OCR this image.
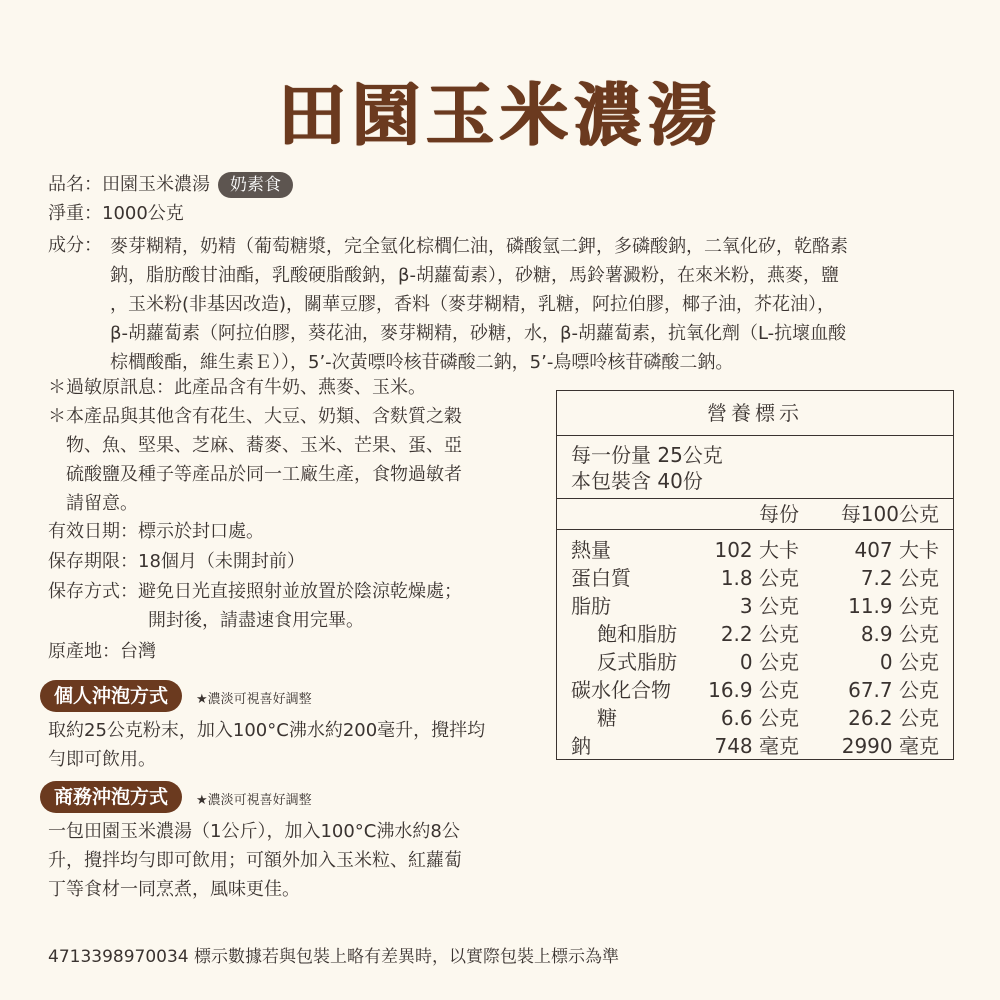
田園玉米濃湯
品名：田園玉米濃湯 奶素食
淨重：1000公克
成分： 麥芽糊精，奶精（葡萄糖漿，完全氫化棕櫚仁油，磷酸氫二鉀，多磷酸鈉，二氧化矽，乾酪素
鈉，脂肪酸甘油酯，乳酸硬脂酸鈉，β-胡蘿蔔素），砂糖，馬鈴薯澱粉，在來米粉，燕麥，鹽
，玉米粉(非基因改造)，關華豆膠，香料（麥芽糊精，乳糖，阿拉伯膠，椰子油，芥花油），
β-胡蘿蔔素（阿拉伯膠，葵花油，麥芽糊精，砂糖，水，β-胡蘿蔔素，抗氧化劑（L-抗壞血酸
棕櫚酸酯，維生素Ｅ）），5’-次黃嘌呤核苷磷酸二鈉，5’-鳥嘌呤核苷磷酸二鈉。
＊過敏原訊息：此產品含有牛奶、燕麥、玉米。
＊本產品與其他含有花生、大豆、奶類、含麩質之穀
　物、魚、堅果、芝麻、蕎麥、玉米、芒果、蛋、亞
　硫酸鹽及種子等產品於同一工廠生產，食物過敏者
　請留意。
有效日期：標示於封口處。
保存期限：18個月（未開封前）
保存方式：避免日光直接照射並放置於陰涼乾燥處；
開封後，請盡速食用完畢。
原產地：台灣
個人沖泡方式	★濃淡可視喜好調整
取約25公克粉末，加入100°C沸水約200毫升，攪拌均
勻即可飲用。
商務沖泡方式	★濃淡可視喜好調整
一包田園玉米濃湯（1公斤），加入100°C沸水約8公
升，攪拌均勻即可飲用；可額外加入玉米粒、紅蘿蔔
丁等食材一同烹煮，風味更佳。
4713398970034 標示數據若與包裝上略有差異時，以實際包裝上標示為準
營養標示
每一份量 25公克
本包裝含 40份
每份 每100公克
熱量	102 大卡	407 大卡
蛋白質	1.8 公克	7.2 公克
脂肪	3 公克 11.9 公克
飽和脂肪 2.2 公克	8.9 公克
反式脂肪	0 公克	0 公克
碳水化合物 16.9 公克 67.7 公克
糖	6.6 公克 26.2 公克
鈉	748 毫克 2990 毫克
